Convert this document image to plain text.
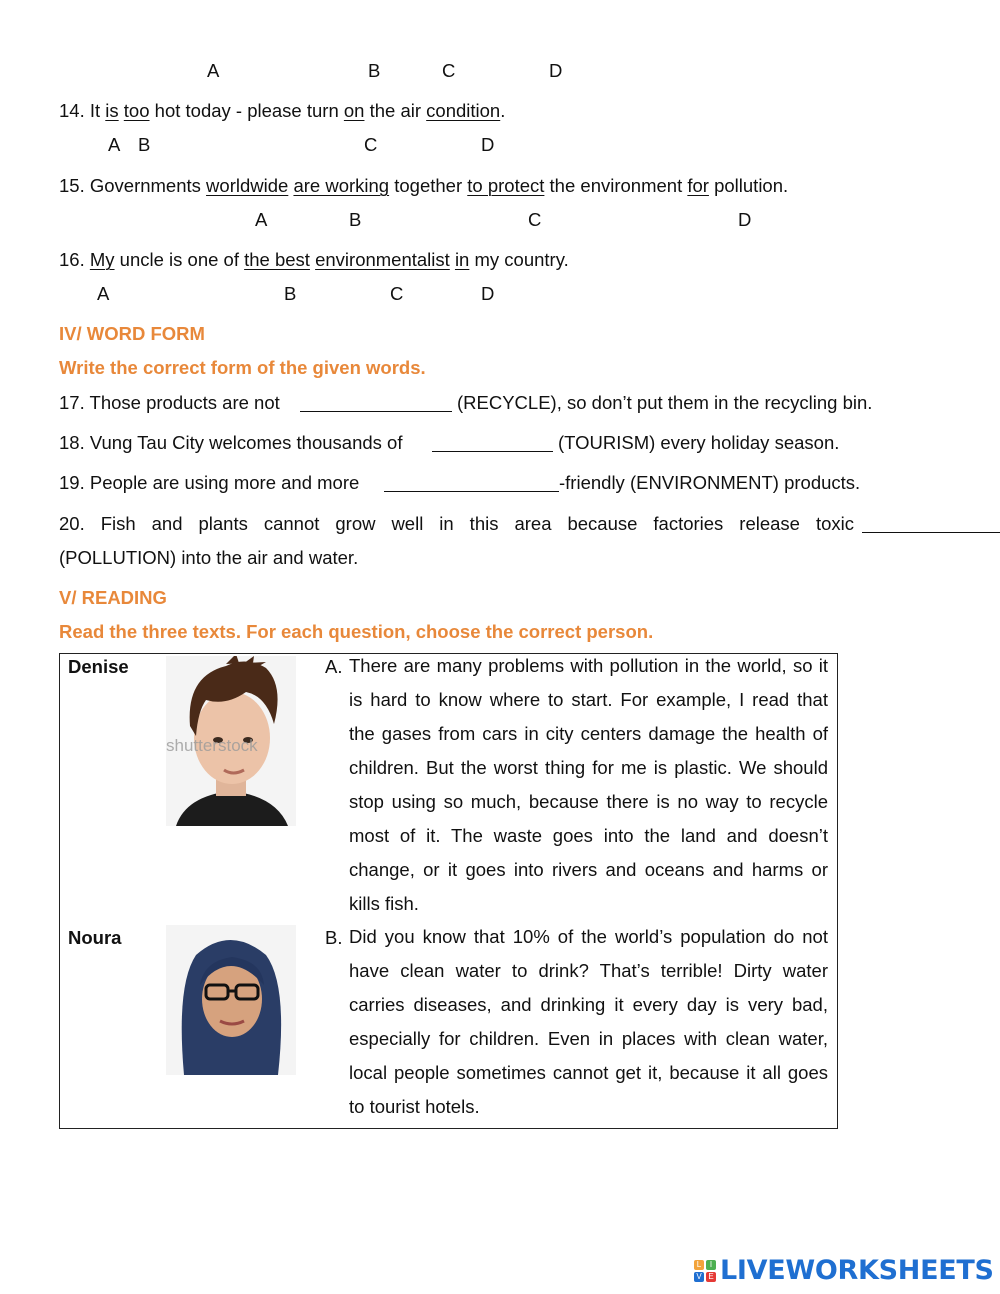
A	B	C	D
14. It is too hot today - please turn on the air condition.
A B	C	D
15. Governments worldwide are working together to protect the environment for pollution.
A	B	C	D
16. My uncle is one of the best environmentalist in my country.
A	B	C	D
IV/ WORD FORM
Write the correct form of the given words.
17. Those products are not	(RECYCLE), so don’t put them in the recycling bin.
18. Vung Tau City welcomes thousands of	(TOURISM) every holiday season.
19. People are using more and more	-friendly (ENVIRONMENT) products.
20. Fish and plants cannot grow well in this area because factories release toxic
(POLLUTION) into the air and water.
V/ READING
Read the three texts. For each question, choose the correct person.
Denise
shutterstock
A. There are many problems with pollution in the world, so it is hard to know where to start. For example, I read that the gases from cars in city centers damage the health of children. But the worst thing for me is plastic. We should stop using so much, because there is no way to recycle most of it. The waste goes into the land and doesn’t change, or it goes into rivers and oceans and harms or kills fish.
Noura	B. Did you know that 10% of the world’s population do not have clean water to drink? That’s terrible! Dirty water carries diseases, and drinking it every day is very bad, especially for children. Even in places with clean water, local people sometimes cannot get it, because it all goes to tourist hotels.
L	I
V E LIVEWORKSHEETS
